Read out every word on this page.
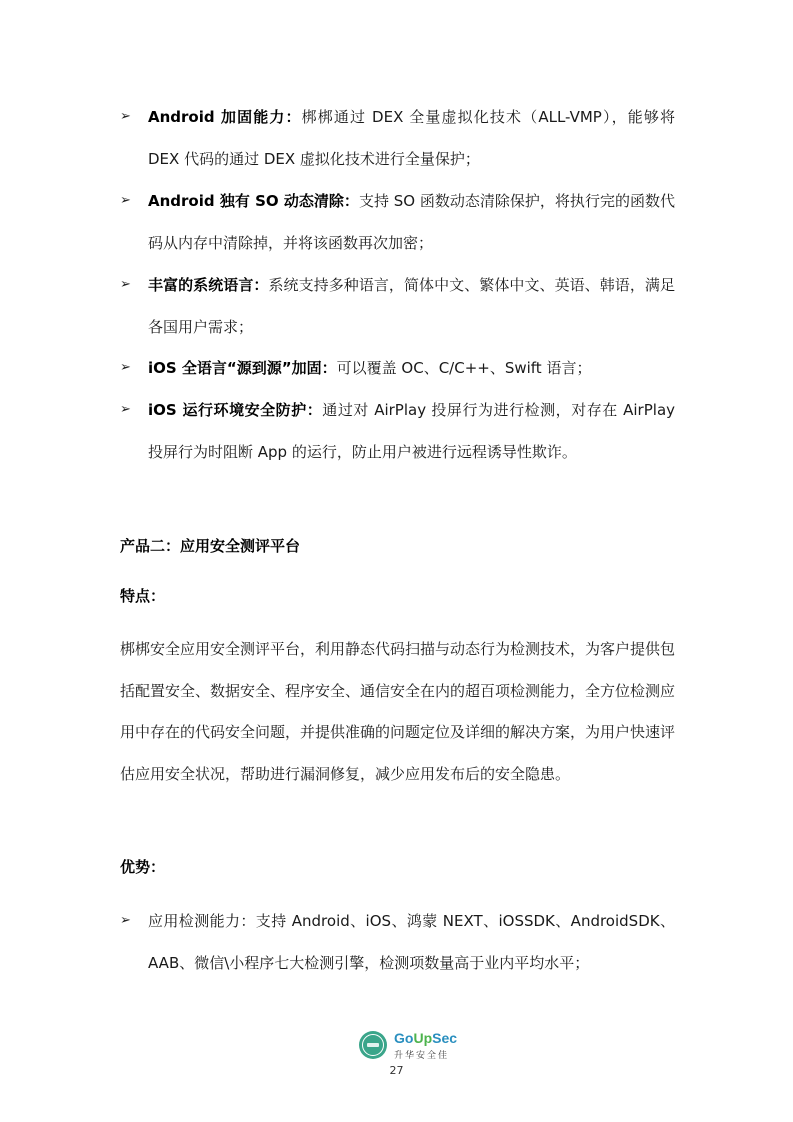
➢	Android 加固能力：梆梆通过 DEX 全量虚拟化技术（ALL-VMP），能够将 DEX 代码的通过 DEX 虚拟化技术进行全量保护；
➢	Android 独有 SO 动态清除：支持 SO 函数动态清除保护，将执行完的函数代码从内存中清除掉，并将该函数再次加密；
➢	丰富的系统语言：系统支持多种语言，简体中文、繁体中文、英语、韩语，满足各国用户需求；
➢	iOS 全语言“源到源”加固：可以覆盖 OC、C/C++、Swift 语言；
➢	iOS 运行环境安全防护：通过对 AirPlay 投屏行为进行检测，对存在 AirPlay 投屏行为时阻断 App 的运行，防止用户被进行远程诱导性欺诈。
产品二：应用安全测评平台
特点：
梆梆安全应用安全测评平台，利用静态代码扫描与动态行为检测技术，为客户提供包括配置安全、数据安全、程序安全、通信安全在内的超百项检测能力，全方位检测应用中存在的代码安全问题，并提供准确的问题定位及详细的解决方案，为用户快速评估应用安全状况，帮助进行漏洞修复，减少应用发布后的安全隐患。
优势：
➢	应用检测能力：支持 Android、iOS、鸿蒙 NEXT、iOSSDK、AndroidSDK、AAB、微信\小程序七大检测引擎，检测项数量高于业内平均水平；
GoUpSec
升华安全佳
27
